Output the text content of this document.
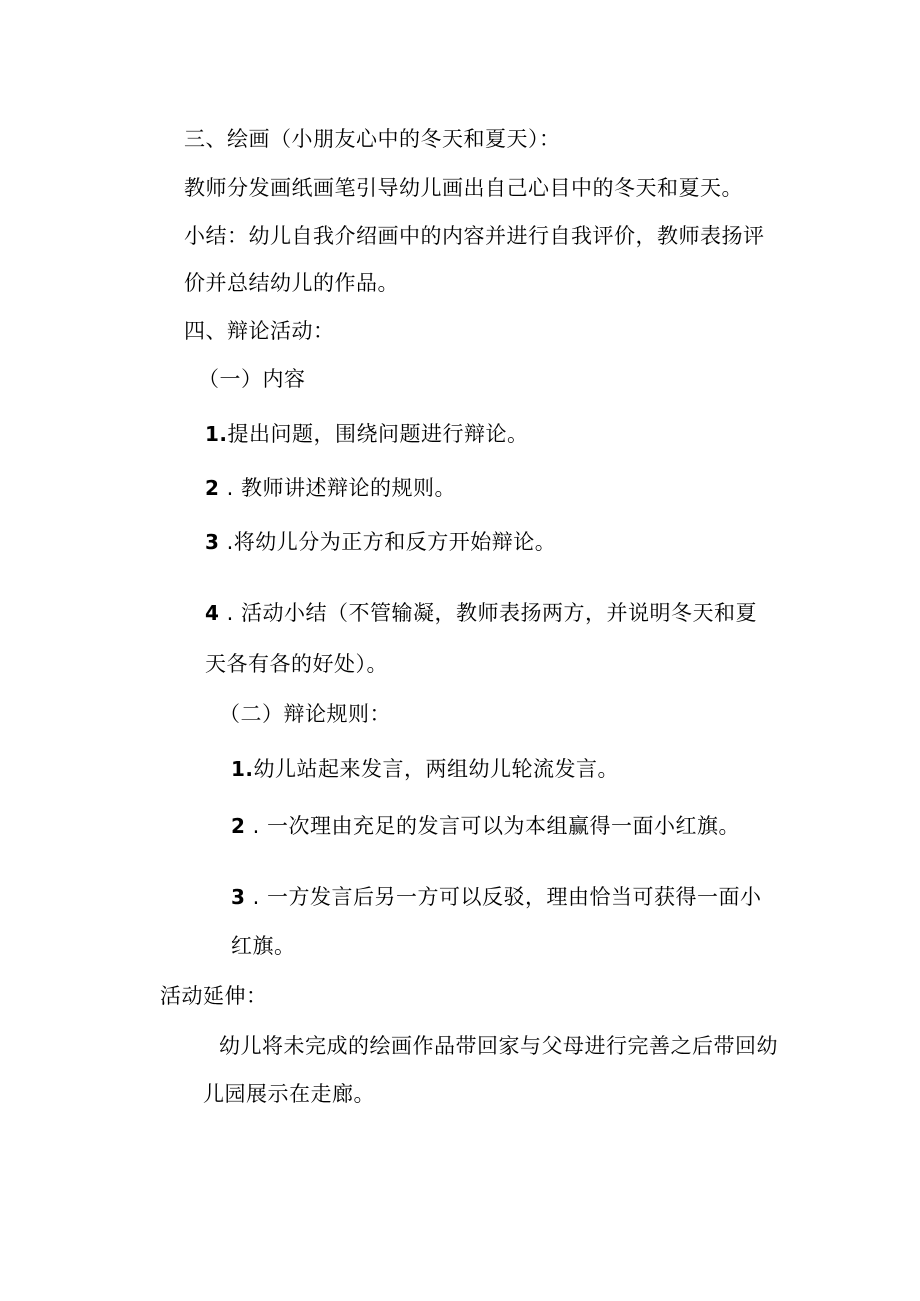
三、绘画（小朋友心中的冬天和夏天）：
教师分发画纸画笔引导幼儿画出自己心目中的冬天和夏天。
小结：幼儿自我介绍画中的内容并进行自我评价，教师表扬评
价并总结幼儿的作品。
四、辩论活动：
（一）内容
1.提出问题，围绕问题进行辩论。
2 . 教师讲述辩论的规则。
3 .将幼儿分为正方和反方开始辩论。
4 . 活动小结（不管输凝，教师表扬两方，并说明冬天和夏
天各有各的好处）。
（二）辩论规则：
1.幼儿站起来发言，两组幼儿轮流发言。
2 . 一次理由充足的发言可以为本组赢得一面小红旗。
3 . 一方发言后另一方可以反驳，理由恰当可获得一面小
红旗。
活动延伸：
幼儿将未完成的绘画作品带回家与父母进行完善之后带回幼
儿园展示在走廊。
